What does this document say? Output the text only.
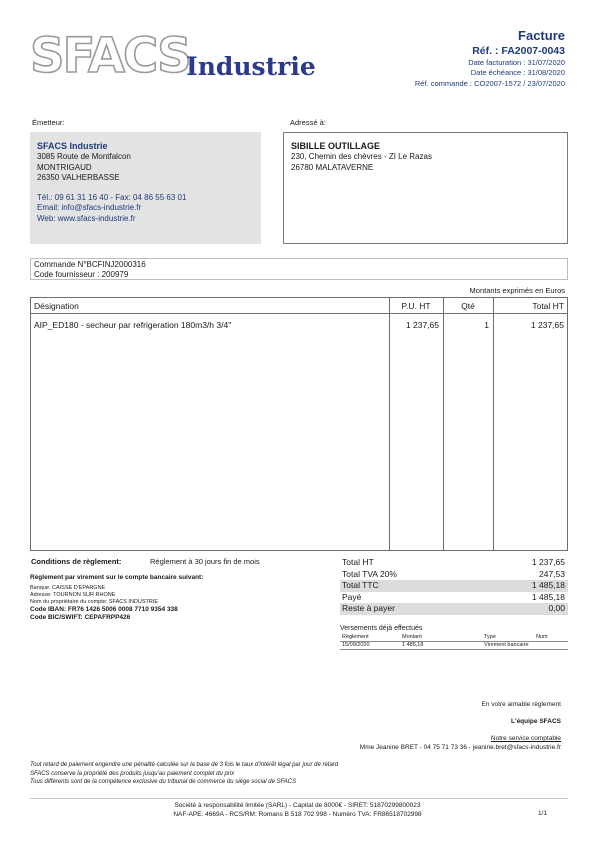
SFACS
Industrie
Facture
Réf. : FA2007-0043
Date facturation : 31/07/2020
Date échéance : 31/08/2020
Réf. commande : CO2007-1572 / 23/07/2020
Émetteur:	Adressé à:
SFACS Industrie
3085 Route de Montfalcon
MONTRIGAUD
26350 VALHERBASSE
Tél.: 09 61 31 16 40 - Fax: 04 86 55 63 01
Email: info@sfacs-industrie.fr
Web: www.sfacs-industrie.fr
SIBILLE OUTILLAGE
230, Chemin des chèvres - ZI Le Razas
26780 MALATAVERNE
Commande N°BCFINJ2000316
Code fournisseur : 200979
Montants exprimés en Euros
Désignation	P.U. HT	Qté	Total HT
AIP_ED180 - secheur par refrigeration 180m3/h 3/4"	1 237,65	1	1 237,65
Conditions de règlement:	Règlement à 30 jours fin de mois
Règlement par virement sur le compte bancaire suivant:
Banque: CAISSE D'EPARGNE
Adresse: TOURNON SUR RHONE
Nom du propriétaire du compte: SFACS INDUSTRIE
Code IBAN: FR76 1426 5006 0008 7710 9354 338
Code BIC/SWIFT: CEPAFRPP426
Total HT	1 237,65
Total TVA 20%	247,53
Total TTC	1 485,18
Payé	1 485,18
Reste à payer	0,00
Versements déjà effectués
Règlement	Montant	Type	Num
15/09/2020	1 485,18	Virement bancaire
En votre aimable règlement
L'équipe SFACS
Notre service comptable
Mme Jeanine BRET - 04 75 71 73 36 - jeanine.bret@sfacs-industrie.fr
Tout retard de paiement engendre une pénalité calculée sur la base de 3 fois le taux d'intérêt légal par jour de retard
SFACS conserve la propriété des produits jusqu'au paiement complet du prix
Tous différents sont de la compétence exclusive du tribunal de commerce du siège social de SFACS
Société à responsabilité limitée (SARL) - Capital de 8000€ - SIRET: 51870299800023
NAF-APE: 4669A - RCS/RM: Romans B 518 702 998 - Numéro TVA: FR86518702998	1/1
